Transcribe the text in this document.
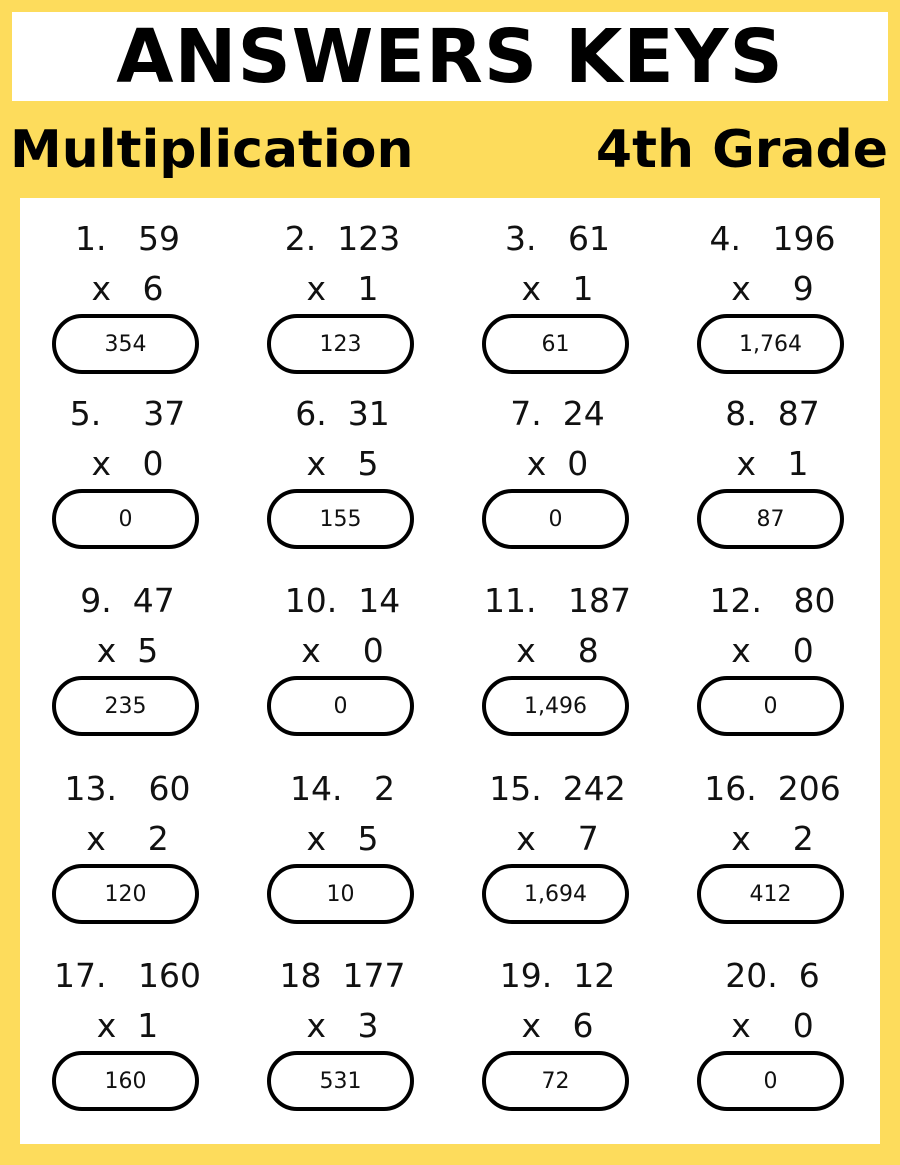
ANSWERS KEYS
Multiplication	4th Grade
1. 59
x 6
354
2. 123
x 1
123
3. 61
x 1
61
4. 196
x 9
1,764
5. 37
x 0
0
6. 31
x 5
155
7. 24
x 0
0
8. 87
x 1
87
9. 47
x 5
235
10. 14
x 0
0
11. 187
x 8
1,496
12. 80
x 0
0
13. 60
x 2
120
14. 2
x 5
10
15. 242
x 7
1,694
16. 206
x 2
412
17. 160
x 1
160
18 177
x 3
531
19. 12
x 6
72
20. 6
x 0
0
